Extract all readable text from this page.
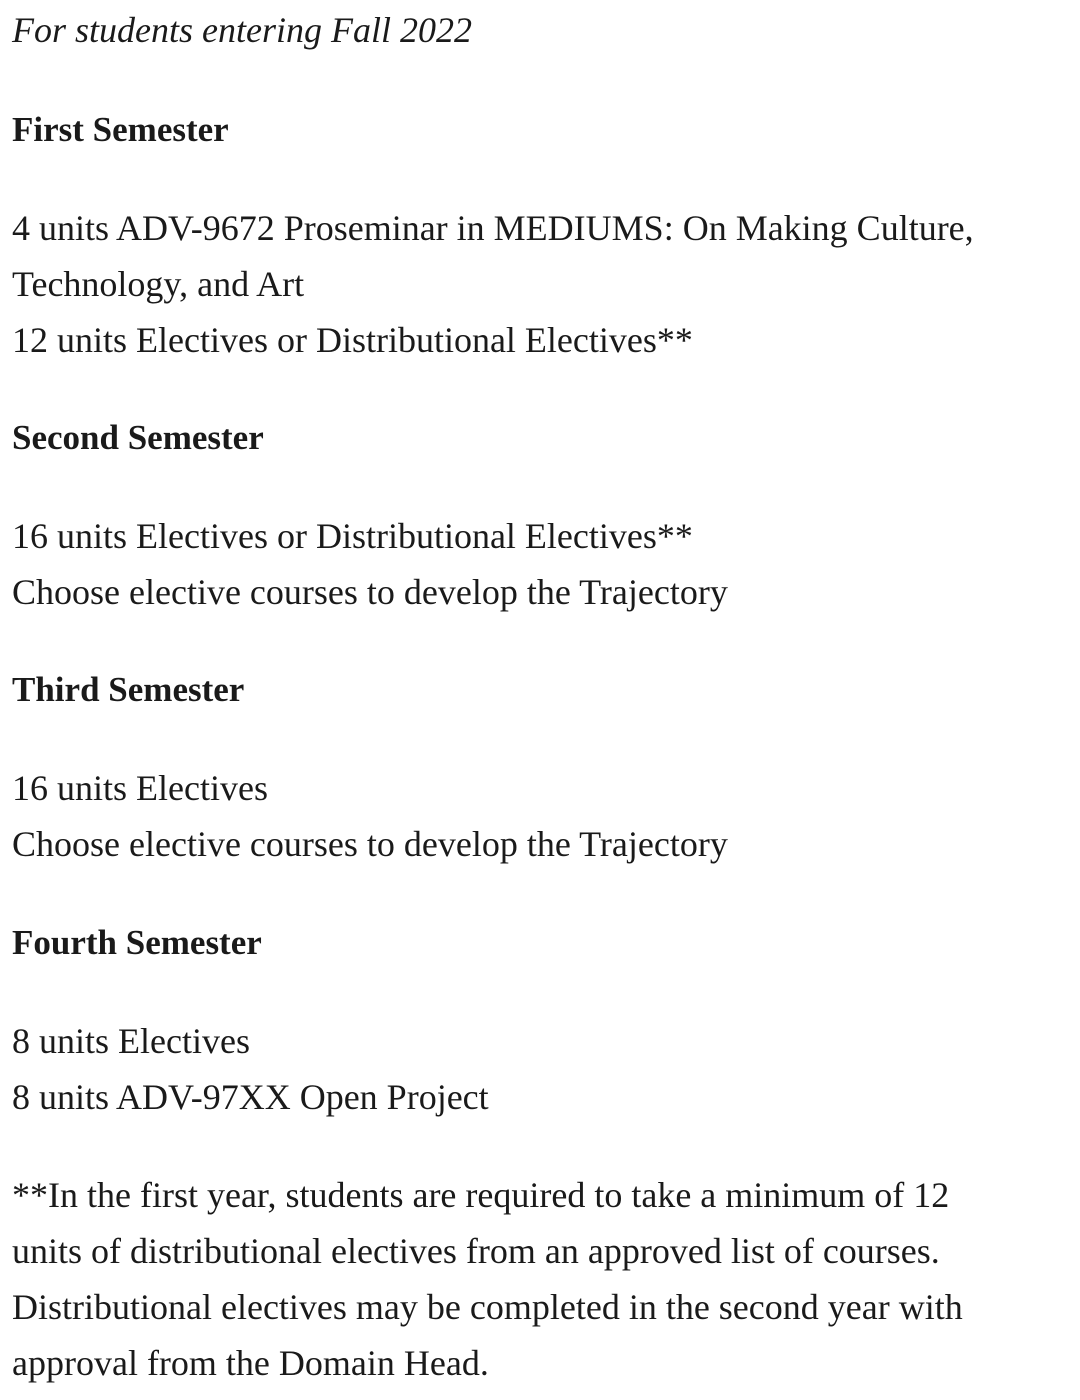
For students entering Fall 2022

First Semester

4 units ADV-9672 Proseminar in MEDIUMS: On Making Culture,

Technology, and Art

12 units Electives or Distributional Electives**

Second Semester

16 units Electives or Distributional Electives**

Choose elective courses to develop the Trajectory

Third Semester

16 units Electives

Choose elective courses to develop the Trajectory

Fourth Semester

8 units Electives

8 units ADV-97XX Open Project

**In the first year, students are required to take a minimum of 12

units of distributional electives from an approved list of courses.

Distributional electives may be completed in the second year with

approval from the Domain Head.
